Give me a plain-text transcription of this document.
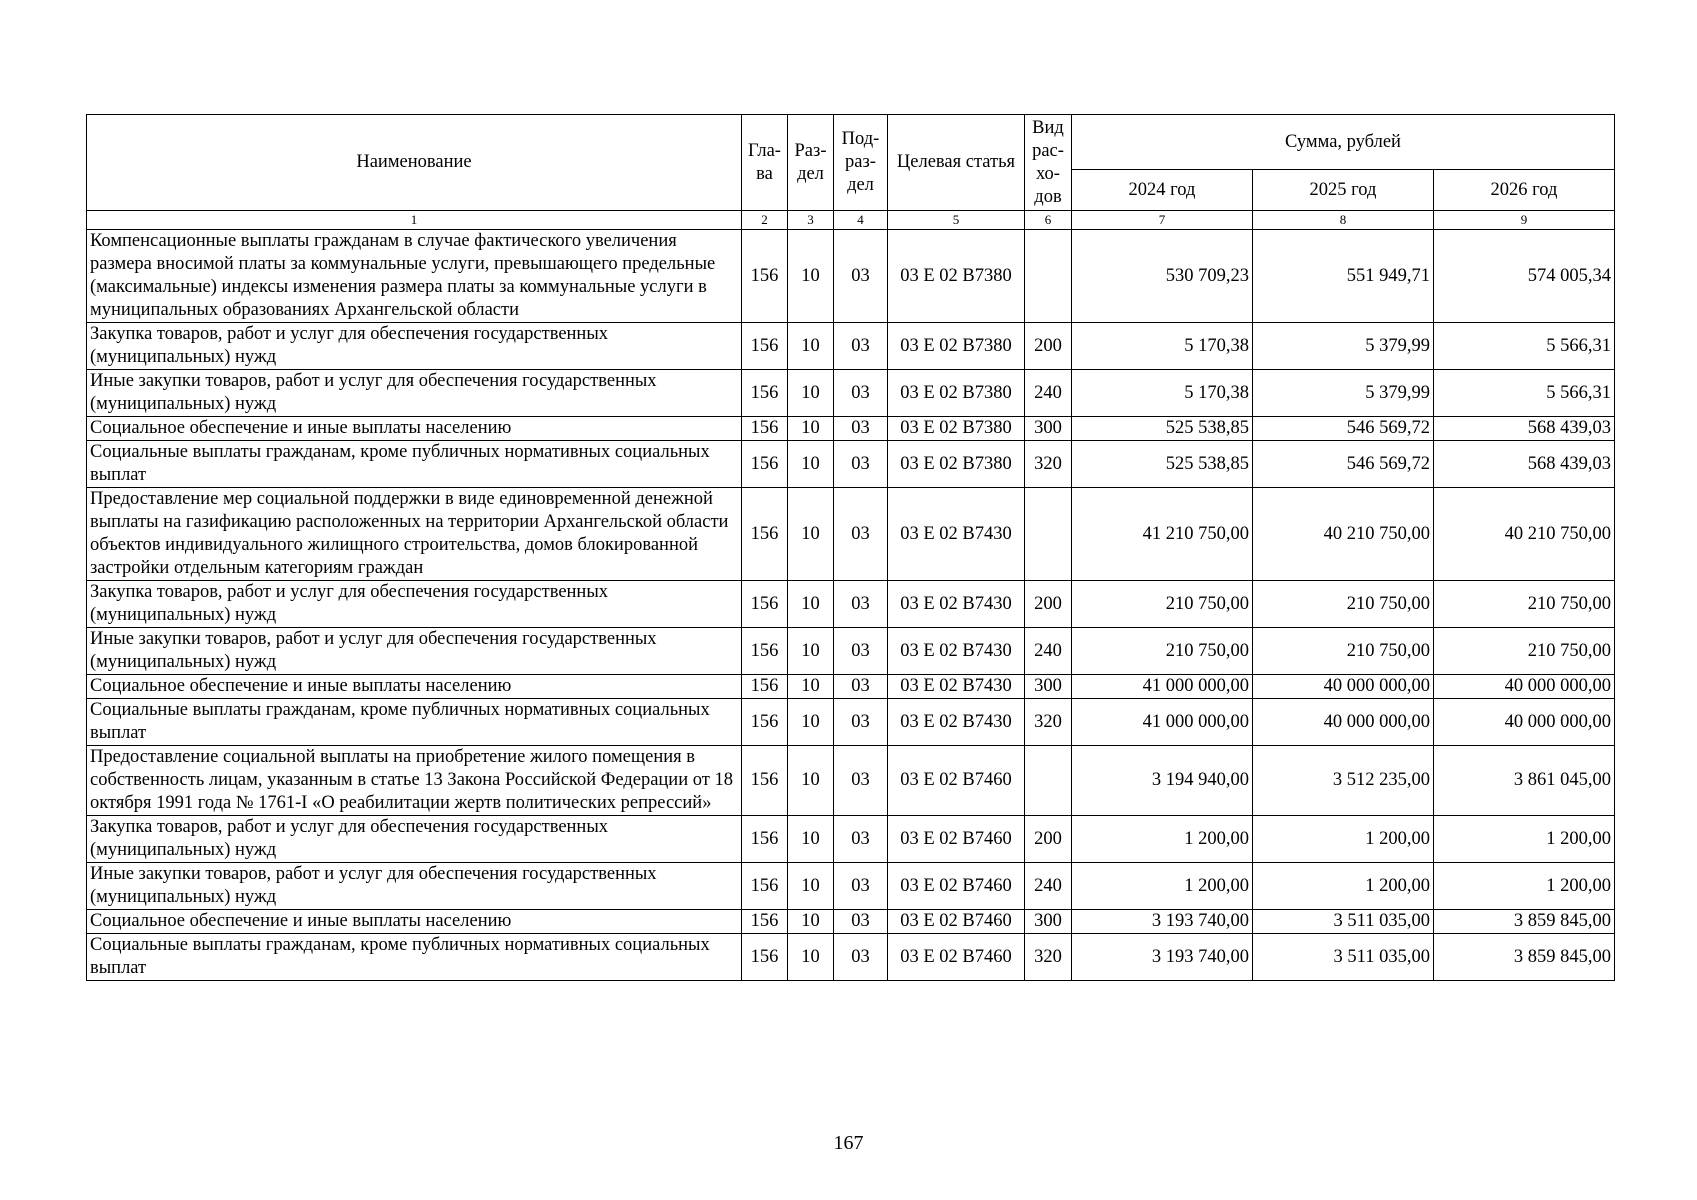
Наименование	Гла-ва	Раз-дел	Под-раз-дел	Целевая статья	Вид рас-хо-дов	Сумма, рублей		
						2024 год	2025 год	2026 год
1	2	3	4	5	6	7	8	9
Компенсационные выплаты гражданам в случае фактического увеличения размера вносимой платы за коммунальные услуги, превышающего предельные (максимальные) индексы изменения размера платы за коммунальные услуги в муниципальных образованиях Архангельской области	156	10	03	03 Е 02 В7380		530 709,23	551 949,71	574 005,34
Закупка товаров, работ и услуг для обеспечения государственных (муниципальных) нужд	156	10	03	03 Е 02 В7380	200	5 170,38	5 379,99	5 566,31
Иные закупки товаров, работ и услуг для обеспечения государственных (муниципальных) нужд	156	10	03	03 Е 02 В7380	240	5 170,38	5 379,99	5 566,31
Социальное обеспечение и иные выплаты населению	156	10	03	03 Е 02 В7380	300	525 538,85	546 569,72	568 439,03
Социальные выплаты гражданам, кроме публичных нормативных социальных выплат	156	10	03	03 Е 02 В7380	320	525 538,85	546 569,72	568 439,03
Предоставление мер социальной поддержки в виде единовременной денежной выплаты на газификацию расположенных на территории Архангельской области объектов индивидуального жилищного строительства, домов блокированной застройки отдельным категориям граждан	156	10	03	03 Е 02 В7430		41 210 750,00	40 210 750,00	40 210 750,00
Закупка товаров, работ и услуг для обеспечения государственных (муниципальных) нужд	156	10	03	03 Е 02 В7430	200	210 750,00	210 750,00	210 750,00
Иные закупки товаров, работ и услуг для обеспечения государственных (муниципальных) нужд	156	10	03	03 Е 02 В7430	240	210 750,00	210 750,00	210 750,00
Социальное обеспечение и иные выплаты населению	156	10	03	03 Е 02 В7430	300	41 000 000,00	40 000 000,00	40 000 000,00
Социальные выплаты гражданам, кроме публичных нормативных социальных выплат	156	10	03	03 Е 02 В7430	320	41 000 000,00	40 000 000,00	40 000 000,00
Предоставление социальной выплаты на приобретение жилого помещения в собственность лицам, указанным в статье 13 Закона Российской Федерации от 18 октября 1991 года № 1761-I «О реабилитации жертв политических репрессий»	156	10	03	03 Е 02 В7460		3 194 940,00	3 512 235,00	3 861 045,00
Закупка товаров, работ и услуг для обеспечения государственных (муниципальных) нужд	156	10	03	03 Е 02 В7460	200	1 200,00	1 200,00	1 200,00
Иные закупки товаров, работ и услуг для обеспечения государственных (муниципальных) нужд	156	10	03	03 Е 02 В7460	240	1 200,00	1 200,00	1 200,00
Социальное обеспечение и иные выплаты населению	156	10	03	03 Е 02 В7460	300	3 193 740,00	3 511 035,00	3 859 845,00
Социальные выплаты гражданам, кроме публичных нормативных социальных выплат	156	10	03	03 Е 02 В7460	320	3 193 740,00	3 511 035,00	3 859 845,00
167
